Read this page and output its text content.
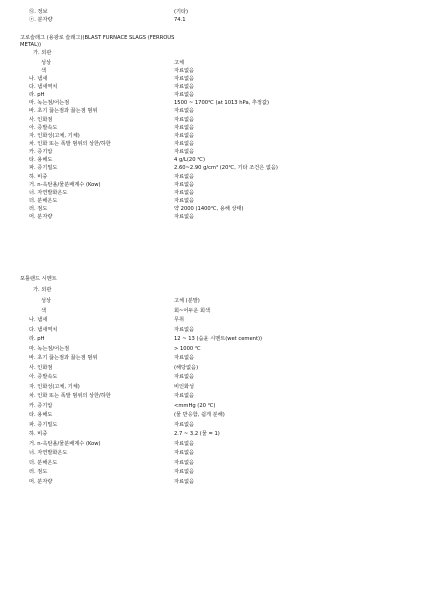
ⓠ. 정보	(기타)
ⓡ. 분자량	74.1
고로슬래그 (용광로 슬래그)(BLAST FURNACE SLAGS (FERROUS
METAL))
가. 외관
성상	고체
색	자료없음
나. 냄새	자료없음
다. 냄새역치	자료없음
라. pH	자료없음
마. 녹는점/어는점	1500 ~ 1700℃ (at 1013 hPa, 추정값)
바. 초기 끓는점과 끓는점 범위	자료없음
사. 인화점	자료없음
아. 증발속도	자료없음
자. 인화성(고체, 기체)	자료없음
차. 인화 또는 폭발 범위의 상한/하한	자료없음
카. 증기압	자료없음
타. 용해도	4 g/L(20 ℃)
파. 증기밀도	2.60~2.90 g/cm³ (20℃, 기타 조건은 없음)
하. 비중	자료없음
거. n-옥탄올/물분배계수 (Kow)	자료없음
너. 자연발화온도	자료없음
더. 분해온도	자료없음
러. 점도	약 2000 (1400℃, 용해 상태)
머. 분자량	자료없음
포틀랜드 시멘트
가. 외관
성상	고체 (분말)
색	회~어두운 회색
나. 냄새	무취
다. 냄새역치	자료없음
라. pH	12 ~ 13 (습윤 시멘트(wet cement))
마. 녹는점/어는점	> 1000 ℃
바. 초기 끓는점과 끓는점 범위	자료없음
사. 인화점	(해당없음)
아. 증발속도	자료없음
자. 인화성(고체, 기체)	비인화성
차. 인화 또는 폭발 범위의 상한/하한	자료없음
카. 증기압	<mmHg (20 ℃)
타. 용해도	(물 반응함, 쉽게 분해)
파. 증기밀도	자료없음
하. 비중	2.7 ~ 3.2 (물 = 1)
거. n-옥탄올/물분배계수 (Kow)	자료없음
너. 자연발화온도	자료없음
더. 분해온도	자료없음
러. 점도	자료없음
머. 분자량	자료없음
